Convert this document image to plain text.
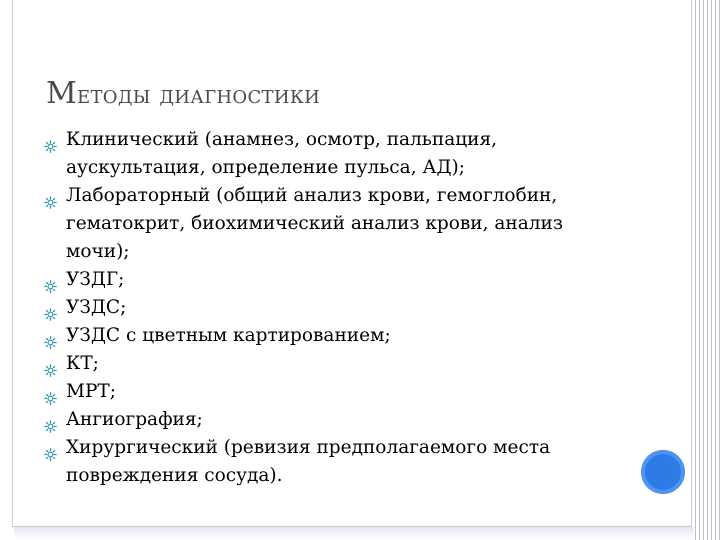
Методы диагностики
Клинический (анамнез, осмотр, пальпация, аускультация, определение пульса, АД);
Лабораторный (общий анализ крови, гемоглобин, гематокрит, биохимический анализ крови, анализ мочи);
УЗДГ;
УЗДС;
УЗДС с цветным картированием;
КТ;
МРТ;
Ангиография;
Хирургический (ревизия предполагаемого места повреждения сосуда).
